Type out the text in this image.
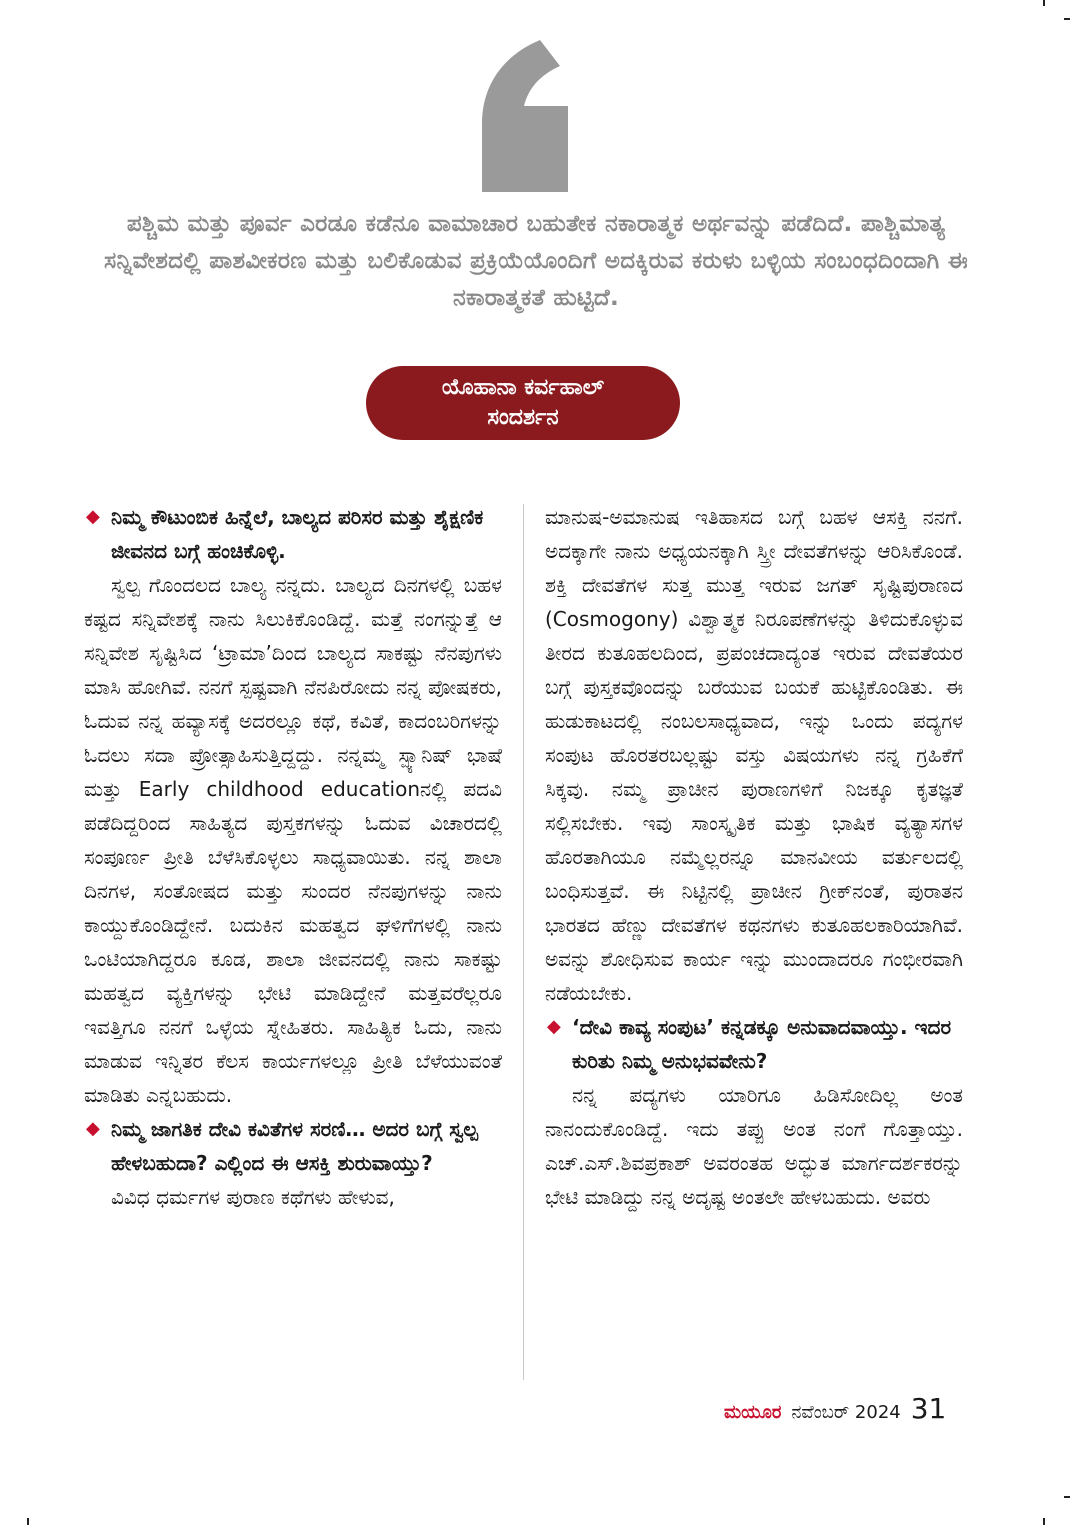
ಪಶ್ಚಿಮ ಮತ್ತು ಪೂರ್ವ ಎರಡೂ ಕಡೆನೂ ವಾಮಾಚಾರ ಬಹುತೇಕ ನಕಾರಾತ್ಮಕ ಅರ್ಥವನ್ನು ಪಡೆದಿದೆ. ಪಾಶ್ಚಿಮಾತ್ಯ ಸನ್ನಿವೇಶದಲ್ಲಿ ಪಾಶವೀಕರಣ ಮತ್ತು ಬಲಿಕೊಡುವ ಪ್ರಕ್ರಿಯೆಯೊಂದಿಗೆ ಅದಕ್ಕಿರುವ ಕರುಳು ಬಳ್ಳಿಯ ಸಂಬಂಧದಿಂದಾಗಿ ಈ ನಕಾರಾತ್ಮಕತೆ ಹುಟ್ಟಿದೆ.
ಯೊಹಾನಾ ಕರ್ವಹಾಲ್
ಸಂದರ್ಶನ

◆ ನಿಮ್ಮ ಕೌಟುಂಬಿಕ ಹಿನ್ನೆಲೆ, ಬಾಲ್ಯದ ಪರಿಸರ ಮತ್ತು ಶೈಕ್ಷಣಿಕ ಜೀವನದ ಬಗ್ಗೆ ಹಂಚಿಕೊಳ್ಳಿ.

ಸ್ವಲ್ಪ ಗೊಂದಲದ ಬಾಲ್ಯ ನನ್ನದು. ಬಾಲ್ಯದ ದಿನಗಳಲ್ಲಿ ಬಹಳ ಕಷ್ಟದ ಸನ್ನಿವೇಶಕ್ಕೆ ನಾನು ಸಿಲುಕಿಕೊಂಡಿದ್ದೆ. ಮತ್ತೆ ನಂಗನ್ನುತ್ತೆ ಆ ಸನ್ನಿವೇಶ ಸೃಷ್ಟಿಸಿದ ‘ಟ್ರಾಮಾ’ದಿಂದ ಬಾಲ್ಯದ ಸಾಕಷ್ಟು ನೆನಪುಗಳು ಮಾಸಿ ಹೋಗಿವೆ. ನನಗೆ ಸ್ಪಷ್ಟವಾಗಿ ನೆನಪಿರೋದು ನನ್ನ ಪೋಷಕರು, ಓದುವ ನನ್ನ ಹವ್ಯಾಸಕ್ಕೆ ಅದರಲ್ಲೂ ಕಥೆ, ಕವಿತೆ, ಕಾದಂಬರಿಗಳನ್ನು ಓದಲು ಸದಾ ಪ್ರೋತ್ಸಾಹಿಸುತ್ತಿದ್ದದ್ದು. ನನ್ನಮ್ಮ ಸ್ಪ್ಯಾನಿಷ್ ಭಾಷೆ ಮತ್ತು Early childhood educationನಲ್ಲಿ ಪದವಿ ಪಡೆದಿದ್ದರಿಂದ ಸಾಹಿತ್ಯದ ಪುಸ್ತಕಗಳನ್ನು ಓದುವ ವಿಚಾರದಲ್ಲಿ ಸಂಪೂರ್ಣ ಪ್ರೀತಿ ಬೆಳೆಸಿಕೊಳ್ಳಲು ಸಾಧ್ಯವಾಯಿತು. ನನ್ನ ಶಾಲಾ ದಿನಗಳ, ಸಂತೋಷದ ಮತ್ತು ಸುಂದರ ನೆನಪುಗಳನ್ನು ನಾನು ಕಾಯ್ದುಕೊಂಡಿದ್ದೇನೆ. ಬದುಕಿನ ಮಹತ್ವದ ಘಳಿಗೆಗಳಲ್ಲಿ ನಾನು ಒಂಟಿಯಾಗಿದ್ದರೂ ಕೂಡ, ಶಾಲಾ ಜೀವನದಲ್ಲಿ ನಾನು ಸಾಕಷ್ಟು ಮಹತ್ವದ ವ್ಯಕ್ತಿಗಳನ್ನು ಭೇಟಿ ಮಾಡಿದ್ದೇನೆ ಮತ್ತವರೆಲ್ಲರೂ ಇವತ್ತಿಗೂ ನನಗೆ ಒಳ್ಳೆಯ ಸ್ನೇಹಿತರು. ಸಾಹಿತ್ಯಿಕ ಓದು, ನಾನು ಮಾಡುವ ಇನ್ನಿತರ ಕೆಲಸ ಕಾರ್ಯಗಳಲ್ಲೂ ಪ್ರೀತಿ ಬೆಳೆಯುವಂತೆ ಮಾಡಿತು ಎನ್ನಬಹುದು.

◆ ನಿಮ್ಮ ಜಾಗತಿಕ ದೇವಿ ಕವಿತೆಗಳ ಸರಣಿ… ಅದರ ಬಗ್ಗೆ ಸ್ವಲ್ಪ ಹೇಳಬಹುದಾ? ಎಲ್ಲಿಂದ ಈ ಆಸಕ್ತಿ ಶುರುವಾಯ್ತು?

ವಿವಿಧ ಧರ್ಮಗಳ ಪುರಾಣ ಕಥೆಗಳು ಹೇಳುವ,

ಮಾನುಷ-ಅಮಾನುಷ ಇತಿಹಾಸದ ಬಗ್ಗೆ ಬಹಳ ಆಸಕ್ತಿ ನನಗೆ. ಅದಕ್ಕಾಗೇ ನಾನು ಅಧ್ಯಯನಕ್ಕಾಗಿ ಸ್ತ್ರೀ ದೇವತೆಗಳನ್ನು ಆರಿಸಿಕೊಂಡೆ. ಶಕ್ತಿ ದೇವತೆಗಳ ಸುತ್ತ ಮುತ್ತ ಇರುವ ಜಗತ್ ಸೃಷ್ಟಿಪುರಾಣದ (Cosmogony) ವಿಶ್ವಾತ್ಮಕ ನಿರೂಪಣೆಗಳನ್ನು ತಿಳಿದುಕೊಳ್ಳುವ ತೀರದ ಕುತೂಹಲದಿಂದ, ಪ್ರಪಂಚದಾದ್ಯಂತ ಇರುವ ದೇವತೆಯರ ಬಗ್ಗೆ ಪುಸ್ತಕವೊಂದನ್ನು ಬರೆಯುವ ಬಯಕೆ ಹುಟ್ಟಿಕೊಂಡಿತು. ಈ ಹುಡುಕಾಟದಲ್ಲಿ ನಂಬಲಸಾಧ್ಯವಾದ, ಇನ್ನು ಒಂದು ಪದ್ಯಗಳ ಸಂಪುಟ ಹೊರತರಬಲ್ಲಷ್ಟು ವಸ್ತು ವಿಷಯಗಳು ನನ್ನ ಗ್ರಹಿಕೆಗೆ ಸಿಕ್ಕವು. ನಮ್ಮ ಪ್ರಾಚೀನ ಪುರಾಣಗಳಿಗೆ ನಿಜಕ್ಕೂ ಕೃತಜ್ಞತೆ ಸಲ್ಲಿಸಬೇಕು. ಇವು ಸಾಂಸ್ಕೃತಿಕ ಮತ್ತು ಭಾಷಿಕ ವ್ಯತ್ಯಾಸಗಳ ಹೊರತಾಗಿಯೂ ನಮ್ಮೆಲ್ಲರನ್ನೂ ಮಾನವೀಯ ವರ್ತುಲದಲ್ಲಿ ಬಂಧಿಸುತ್ತವೆ. ಈ ನಿಟ್ಟಿನಲ್ಲಿ ಪ್ರಾಚೀನ ಗ್ರೀಕ್‌ನಂತೆ, ಪುರಾತನ ಭಾರತದ ಹೆಣ್ಣು ದೇವತೆಗಳ ಕಥನಗಳು ಕುತೂಹಲಕಾರಿಯಾಗಿವೆ. ಅವನ್ನು ಶೋಧಿಸುವ ಕಾರ್ಯ ಇನ್ನು ಮುಂದಾದರೂ ಗಂಭೀರವಾಗಿ ನಡೆಯಬೇಕು.

◆ ‘ದೇವಿ ಕಾವ್ಯ ಸಂಪುಟ’ ಕನ್ನಡಕ್ಕೂ ಅನುವಾದವಾಯ್ತು. ಇದರ ಕುರಿತು ನಿಮ್ಮ ಅನುಭವವೇನು?

ನನ್ನ ಪದ್ಯಗಳು ಯಾರಿಗೂ ಹಿಡಿಸೋದಿಲ್ಲ ಅಂತ ನಾನಂದುಕೊಂಡಿದ್ದೆ. ಇದು ತಪ್ಪು ಅಂತ ನಂಗೆ ಗೊತ್ತಾಯ್ತು. ಎಚ್.ಎಸ್.ಶಿವಪ್ರಕಾಶ್ ಅವರಂತಹ ಅದ್ಭುತ ಮಾರ್ಗದರ್ಶಕರನ್ನು ಭೇಟಿ ಮಾಡಿದ್ದು ನನ್ನ ಅದೃಷ್ಟ ಅಂತಲೇ ಹೇಳಬಹುದು. ಅವರು

ಮಯೂರ ನವೆಂಬರ್ 2024 31
